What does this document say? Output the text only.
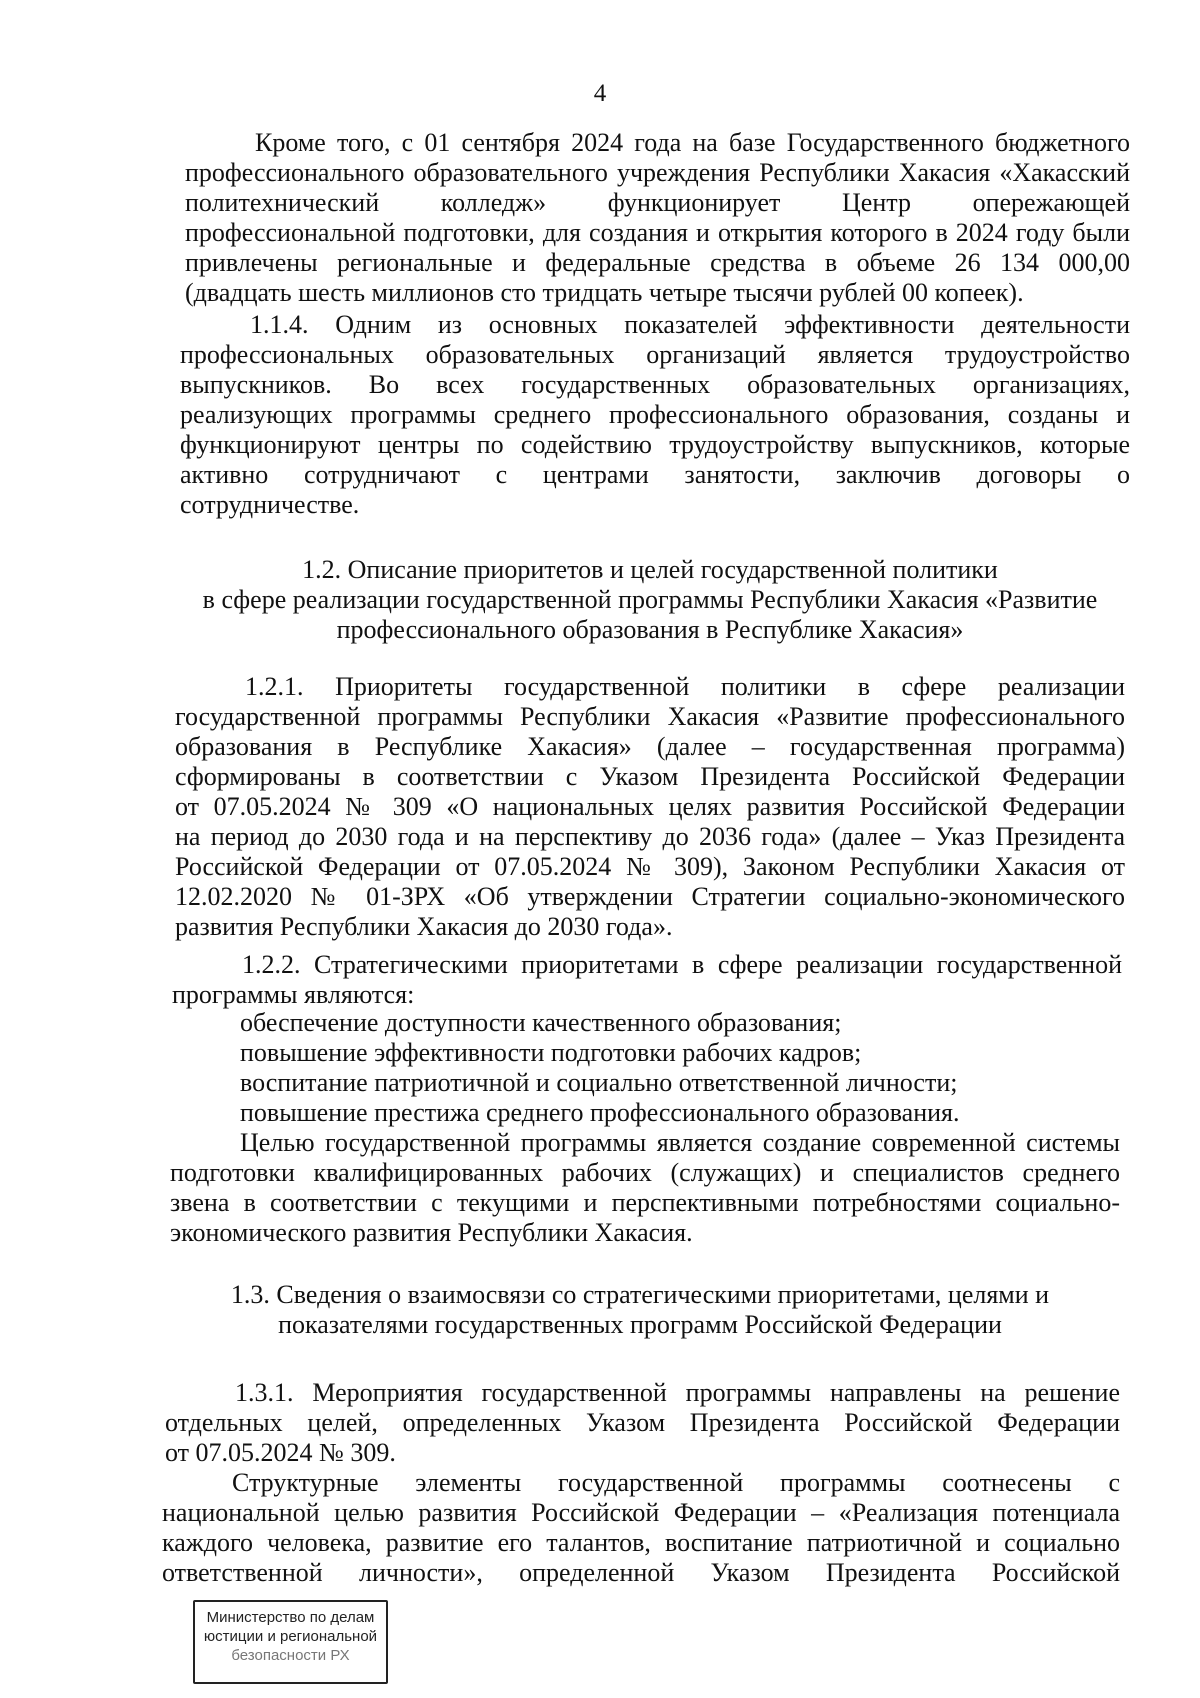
4

Кроме того, с 01 сентября 2024 года на базе Государственного бюджетного

профессионального образовательного учреждения Республики Хакасия «Хакасский

политехнический колледж» функционирует Центр опережающей

профессиональной подготовки, для создания и открытия которого в 2024 году были

привлечены региональные и федеральные средства в объеме 26 134 000,00

(двадцать шесть миллионов сто тридцать четыре тысячи рублей 00 копеек).

1.1.4. Одним из основных показателей эффективности деятельности

профессиональных образовательных организаций является трудоустройство

выпускников. Во всех государственных образовательных организациях,

реализующих программы среднего профессионального образования, созданы и

функционируют центры по содействию трудоустройству выпускников, которые

активно сотрудничают с центрами занятости, заключив договоры о

сотрудничестве.

1.2. Описание приоритетов и целей государственной политики

в сфере реализации государственной программы Республики Хакасия «Развитие

профессионального образования в Республике Хакасия»

1.2.1. Приоритеты государственной политики в сфере реализации

государственной программы Республики Хакасия «Развитие профессионального

образования в Республике Хакасия» (далее – государственная программа)

сформированы в соответствии с Указом Президента Российской Федерации

от 07.05.2024 № 309 «О национальных целях развития Российской Федерации

на период до 2030 года и на перспективу до 2036 года» (далее – Указ Президента

Российской Федерации от 07.05.2024 № 309), Законом Республики Хакасия от

12.02.2020 № 01-ЗРХ «Об утверждении Стратегии социально-экономического

развития Республики Хакасия до 2030 года».

1.2.2. Стратегическими приоритетами в сфере реализации государственной

программы являются:

обеспечение доступности качественного образования;

повышение эффективности подготовки рабочих кадров;

воспитание патриотичной и социально ответственной личности;

повышение престижа среднего профессионального образования.

Целью государственной программы является создание современной системы

подготовки квалифицированных рабочих (служащих) и специалистов среднего

звена в соответствии с текущими и перспективными потребностями социально-

экономического развития Республики Хакасия.

1.3. Сведения о взаимосвязи со стратегическими приоритетами, целями и

показателями государственных программ Российской Федерации

1.3.1. Мероприятия государственной программы направлены на решение

отдельных целей, определенных Указом Президента Российской Федерации

от 07.05.2024 № 309.

Структурные элементы государственной программы соотнесены с

национальной целью развития Российской Федерации – «Реализация потенциала

каждого человека, развитие его талантов, воспитание патриотичной и социально

ответственной личности», определенной Указом Президента Российской

Министерство по делам
юстиции и региональной
безопасности РХ
